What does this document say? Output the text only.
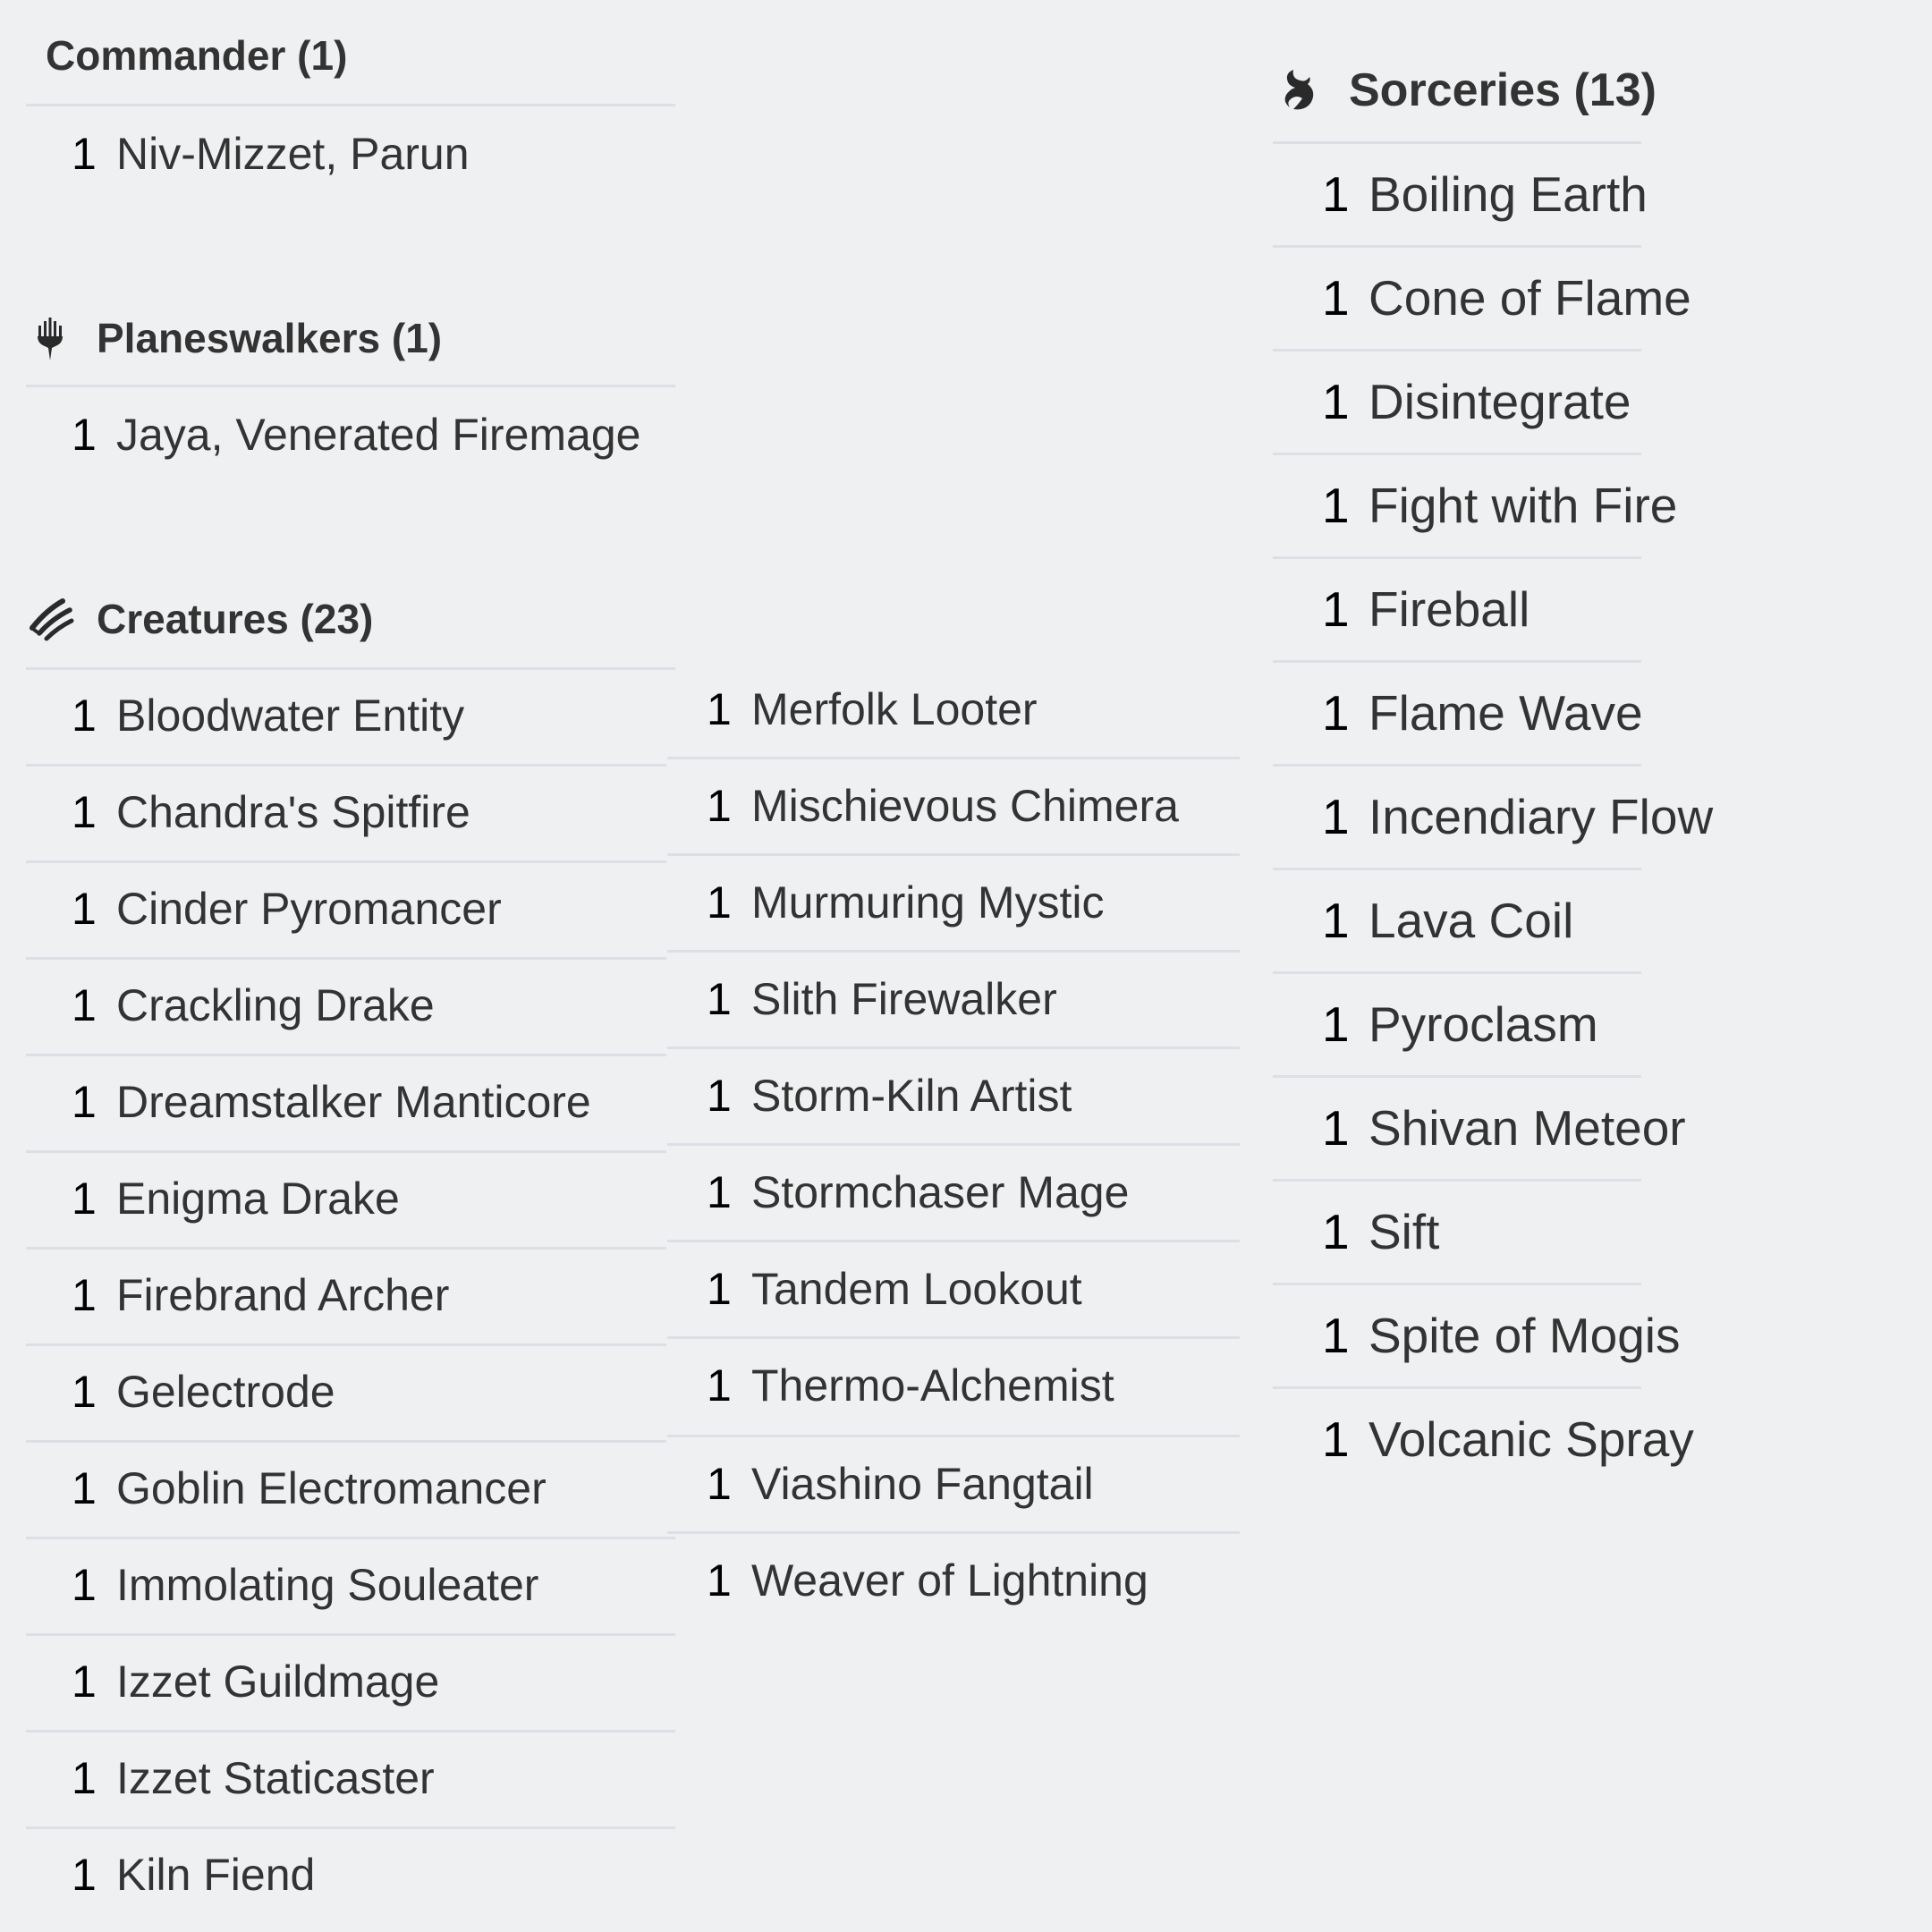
Commander (1)
1 Niv-Mizzet, Parun
Planeswalkers (1)
1 Jaya, Venerated Firemage
Creatures (23)
1 Bloodwater Entity
1 Chandra's Spitfire
1 Cinder Pyromancer
1 Crackling Drake
1 Dreamstalker Manticore
1 Enigma Drake
1 Firebrand Archer
1 Gelectrode
1 Goblin Electromancer
1 Immolating Souleater
1 Izzet Guildmage
1 Izzet Staticaster
1 Kiln Fiend
1 Merfolk Looter
1 Mischievous Chimera
1 Murmuring Mystic
1 Slith Firewalker
1 Storm-Kiln Artist
1 Stormchaser Mage
1 Tandem Lookout
1 Thermo-Alchemist
1 Viashino Fangtail
1 Weaver of Lightning
Sorceries (13)
1 Boiling Earth
1 Cone of Flame
1 Disintegrate
1 Fight with Fire
1 Fireball
1 Flame Wave
1 Incendiary Flow
1 Lava Coil
1 Pyroclasm
1 Shivan Meteor
1 Sift
1 Spite of Mogis
1 Volcanic Spray
